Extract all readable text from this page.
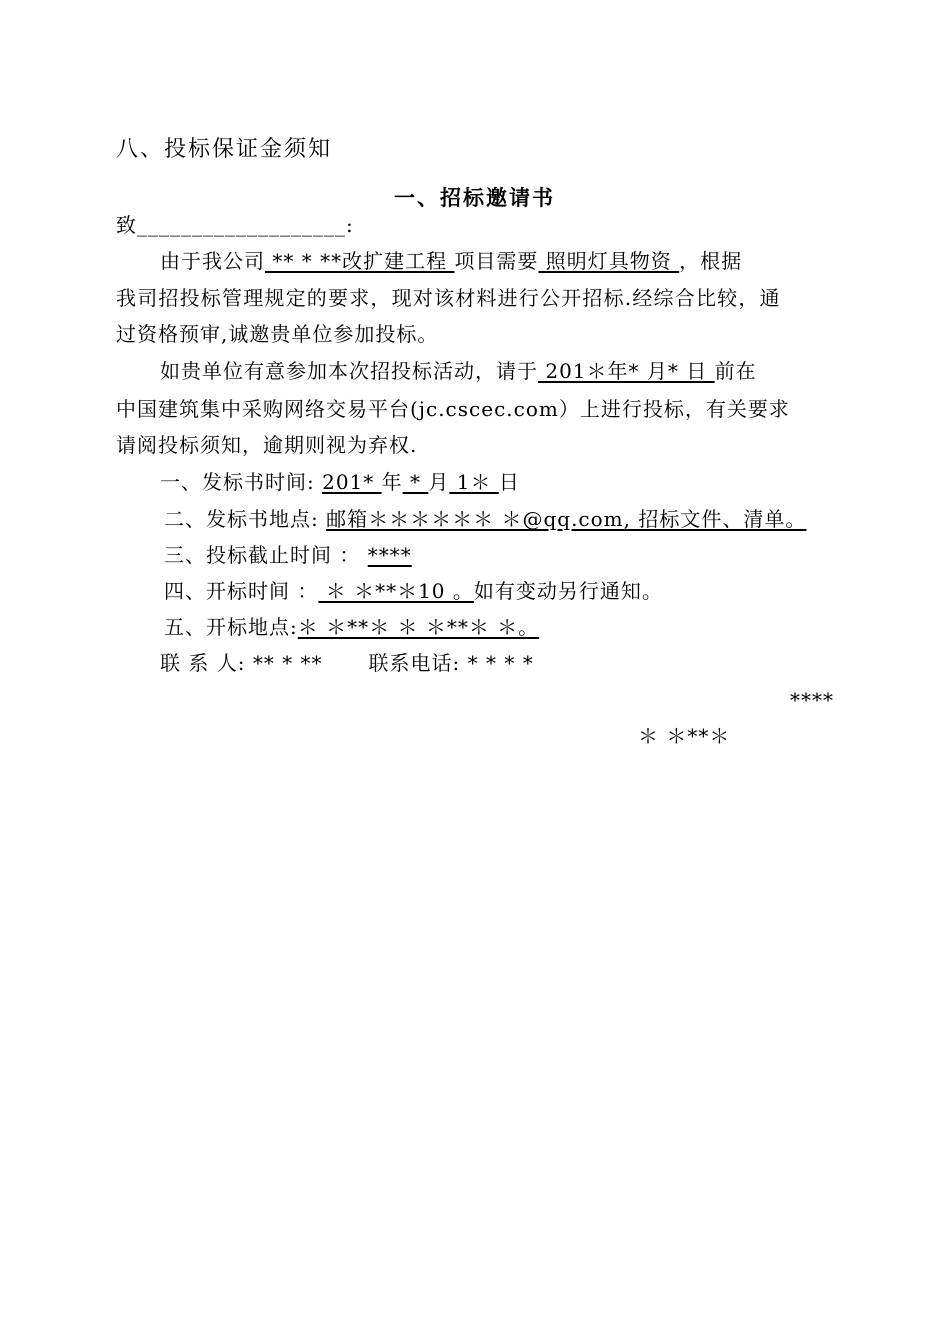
八、投标保证金须知
一、招标邀请书
致___________________:
由于我公司 ** * **改扩建工程 项目需要 照明灯具物资 ，根据
我司招投标管理规定的要求，现对该材料进行公开招标.经综合比较，通
过资格预审,诚邀贵单位参加投标。
如贵单位有意参加本次招投标活动，请于 201＊年* 月* 日 前在
中国建筑集中采购网络交易平台(jc.cscec.com）上进行投标，有关要求
请阅投标须知，逾期则视为弃权.
一、发标书时间: 201* 年 * 月 1＊ 日
二、发标书地点: 邮箱＊＊＊＊＊＊ ＊@qq.com, 招标文件、清单。
三、投标截止时间 ： ****
四、开标时间 ： ＊ ＊**＊10 。如有变动另行通知。
五、开标地点:＊ ＊**＊ ＊ ＊**＊ ＊。
联 系 人: ** * ** 联系电话: * * * *
****
＊ ＊**＊
